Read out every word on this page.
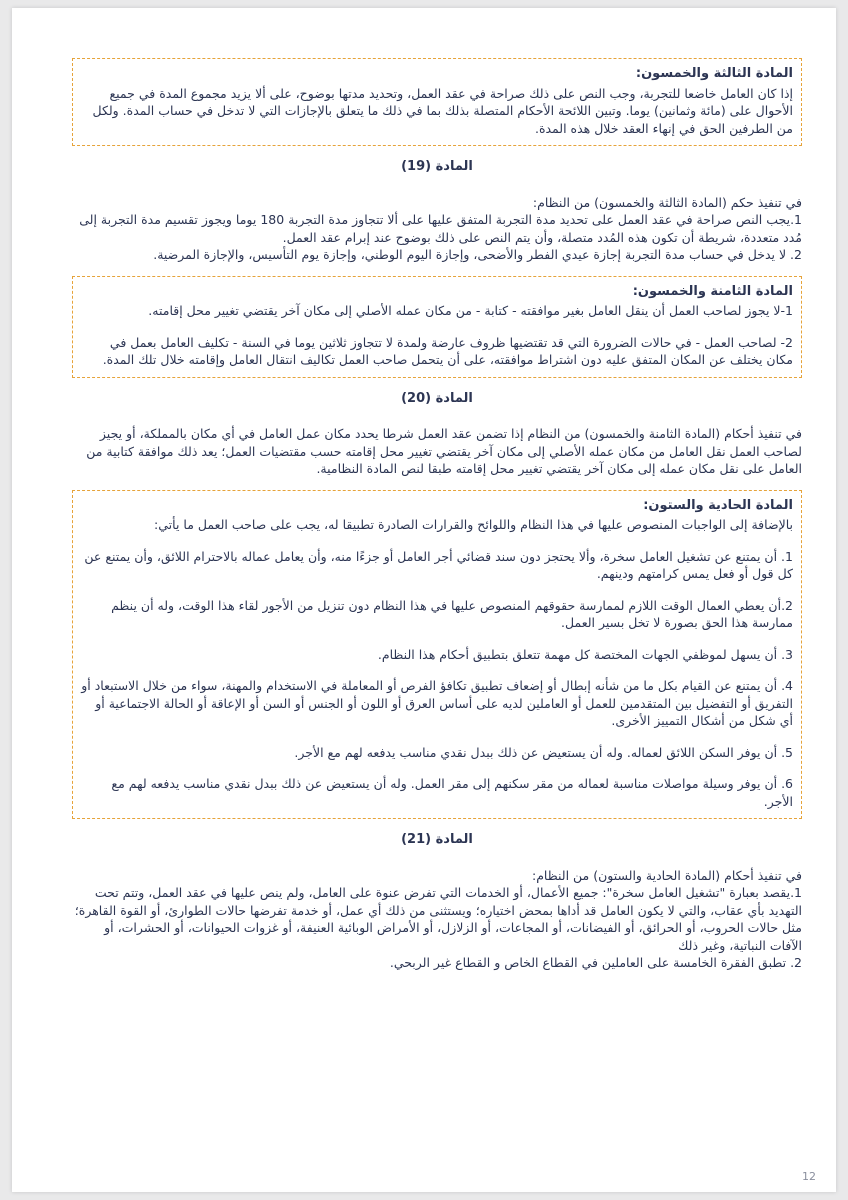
المادة الثالثة والخمسون:

إذا كان العامل خاضعا للتجربة، وجب النص على ذلك صراحة في عقد العمل، وتحديد مدتها بوضوح، على ألا يزيد مجموع المدة في جميع الأحوال على (مائة وثمانين) يوما. وتبين اللائحة الأحكام المتصلة بذلك بما في ذلك ما يتعلق بالإجازات التي لا تدخل في حساب المدة. ولكل من الطرفين الحق في إنهاء العقد خلال هذه المدة.

المادة (19)

في تنفيذ حكم (المادة الثالثة والخمسون) من النظام:

1.يجب النص صراحة في عقد العمل على تحديد مدة التجربة المتفق عليها على ألا تتجاوز مدة التجربة 180 يوما ويجوز تقسيم مدة التجربة إلى مُدد متعددة، شريطة أن تكون هذه المُدد متصلة، وأن يتم النص على ذلك بوضوح عند إبرام عقد العمل.

2. لا يدخل في حساب مدة التجربة إجازة عيدي الفطر والأضحى، وإجازة اليوم الوطني، وإجازة يوم التأسيس، والإجازة المرضية.

المادة الثامنة والخمسون:

1-لا يجوز لصاحب العمل أن ينقل العامل بغير موافقته - كتابة - من مكان عمله الأصلي إلى مكان آخر يقتضي تغيير محل إقامته.

2- لصاحب العمل - في حالات الضرورة التي قد تقتضيها ظروف عارضة ولمدة لا تتجاوز ثلاثين يوما في السنة - تكليف العامل بعمل في مكان يختلف عن المكان المتفق عليه دون اشتراط موافقته، على أن يتحمل صاحب العمل تكاليف انتقال العامل وإقامته خلال تلك المدة.

المادة (20)

في تنفيذ أحكام (المادة الثامنة والخمسون) من النظام إذا تضمن عقد العمل شرطا يحدد مكان عمل العامل في أي مكان بالمملكة، أو يجيز لصاحب العمل نقل العامل من مكان عمله الأصلي إلى مكان آخر يقتضي تغيير محل إقامته حسب مقتضيات العمل؛ يعد ذلك موافقة كتابية من العامل على نقل مكان عمله إلى مكان آخر يقتضي تغيير محل إقامته طبقا لنص المادة النظامية.

المادة الحادية والستون:

بالإضافة إلى الواجبات المنصوص عليها في هذا النظام واللوائح والقرارات الصادرة تطبيقا له، يجب على صاحب العمل ما يأتي:

1. أن يمتنع عن تشغيل العامل سخرة، وألا يحتجز دون سند قضائي أجر العامل أو جزءًا منه، وأن يعامل عماله بالاحترام اللائق، وأن يمتنع عن كل قول أو فعل يمس كرامتهم ودينهم.

2.أن يعطي العمال الوقت اللازم لممارسة حقوقهم المنصوص عليها في هذا النظام دون تنزيل من الأجور لقاء هذا الوقت، وله أن ينظم ممارسة هذا الحق بصورة لا تخل بسير العمل.

3. أن يسهل لموظفي الجهات المختصة كل مهمة تتعلق بتطبيق أحكام هذا النظام.

4. أن يمتنع عن القيام بكل ما من شأنه إبطال أو إضعاف تطبيق تكافؤ الفرص أو المعاملة في الاستخدام والمهنة، سواء من خلال الاستبعاد أو التفريق أو التفضيل بين المتقدمين للعمل أو العاملين لديه على أساس العرق أو اللون أو الجنس أو السن أو الإعاقة أو الحالة الاجتماعية أو أي شكل من أشكال التمييز الأخرى.

5. أن يوفر السكن اللائق لعماله. وله أن يستعيض عن ذلك ببدل نقدي مناسب يدفعه لهم مع الأجر.

6. أن يوفر وسيلة مواصلات مناسبة لعماله من مقر سكنهم إلى مقر العمل. وله أن يستعيض عن ذلك ببدل نقدي مناسب يدفعه لهم مع الأجر.

المادة (21)

في تنفيذ أحكام (المادة الحادية والستون) من النظام:

1.يقصد بعبارة "تشغيل العامل سخرة": جميع الأعمال، أو الخدمات التي تفرض عنوة على العامل، ولم ينص عليها في عقد العمل، وتتم تحت التهديد بأي عقاب، والتي لا يكون العامل قد أداها بمحض اختياره؛ ويستثنى من ذلك أي عمل، أو خدمة تفرضها حالات الطوارئ، أو القوة القاهرة؛ مثل حالات الحروب، أو الحرائق، أو الفيضانات، أو المجاعات، أو الزلازل، أو الأمراض الوبائية العنيفة، أو غزوات الحيوانات، أو الحشرات، أو الآفات النباتية، وغير ذلك

2. تطبق الفقرة الخامسة على العاملين في القطاع الخاص و القطاع غير الربحي.

12
